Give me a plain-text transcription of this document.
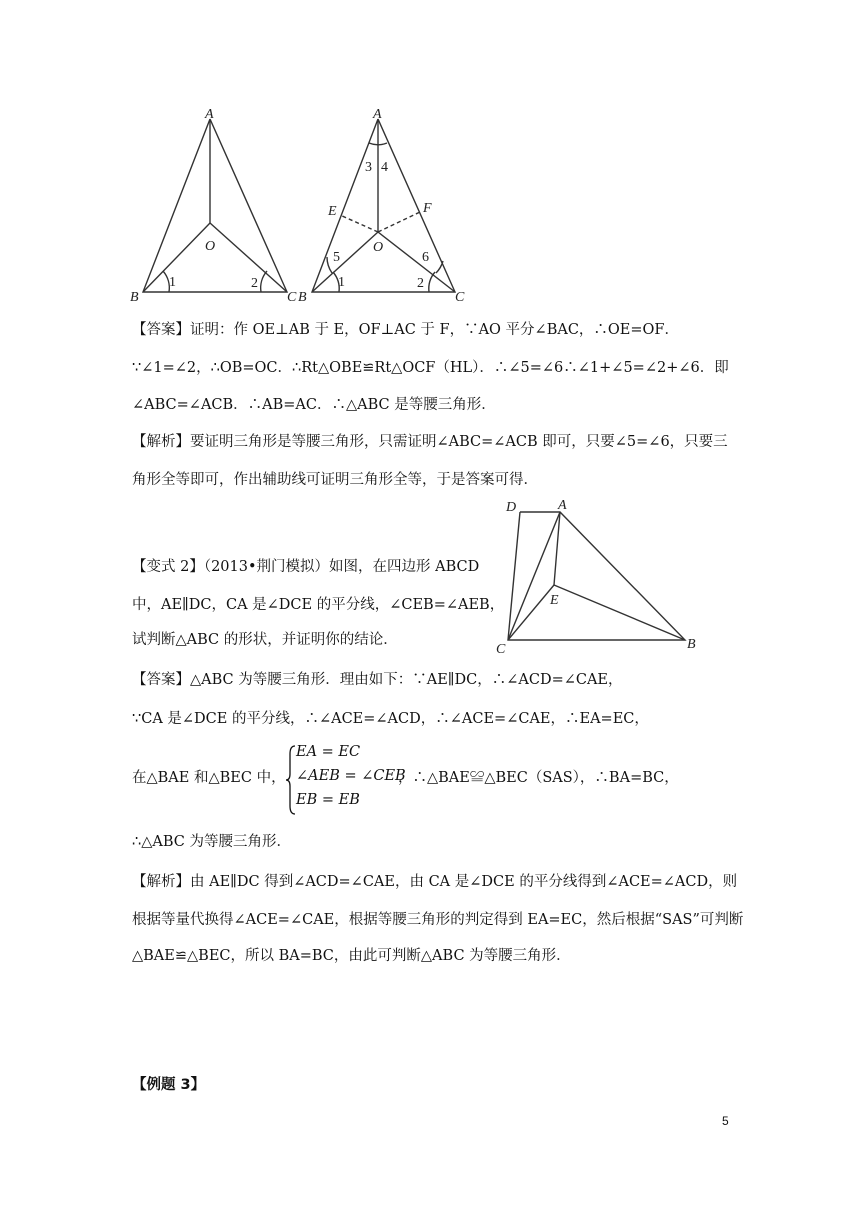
A
O
B	C
1	2
A
E	F
O
B	C
3 4
5	6
1	2
【答案】证明：作 OE⊥AB 于 E，OF⊥AC 于 F，∵AO 平分∠BAC，∴OE=OF．
∵∠1=∠2，∴OB=OC．∴Rt△OBE≌Rt△OCF（HL）．∴∠5=∠6∴∠1+∠5=∠2+∠6．即
∠ABC=∠ACB．∴AB=AC．∴△ABC 是等腰三角形．
【解析】要证明三角形是等腰三角形，只需证明∠ABC=∠ACB 即可，只要∠5=∠6，只要三
角形全等即可，作出辅助线可证明三角形全等，于是答案可得．
【变式 2】（2013•荆门模拟）如图，在四边形 ABCD
中，AE∥DC，CA 是∠DCE 的平分线，∠CEB=∠AEB，
试判断△ABC 的形状，并证明你的结论．
D	A
E
C	B
【答案】△ABC 为等腰三角形．理由如下：∵AE∥DC，∴∠ACD=∠CAE，
∵CA 是∠DCE 的平分线，∴∠ACE=∠ACD，∴∠ACE=∠CAE，∴EA=EC，
在△BAE 和△BEC 中，
EA = EC
∠AEB = ∠CEB
EB = EB
，∴△BAE≌△BEC（SAS），∴BA=BC，
∴△ABC 为等腰三角形．
【解析】由 AE∥DC 得到∠ACD=∠CAE，由 CA 是∠DCE 的平分线得到∠ACE=∠ACD，则
根据等量代换得∠ACE=∠CAE，根据等腰三角形的判定得到 EA=EC，然后根据“SAS”可判断
△BAE≌△BEC，所以 BA=BC，由此可判断△ABC 为等腰三角形．
【例题 3】
5
